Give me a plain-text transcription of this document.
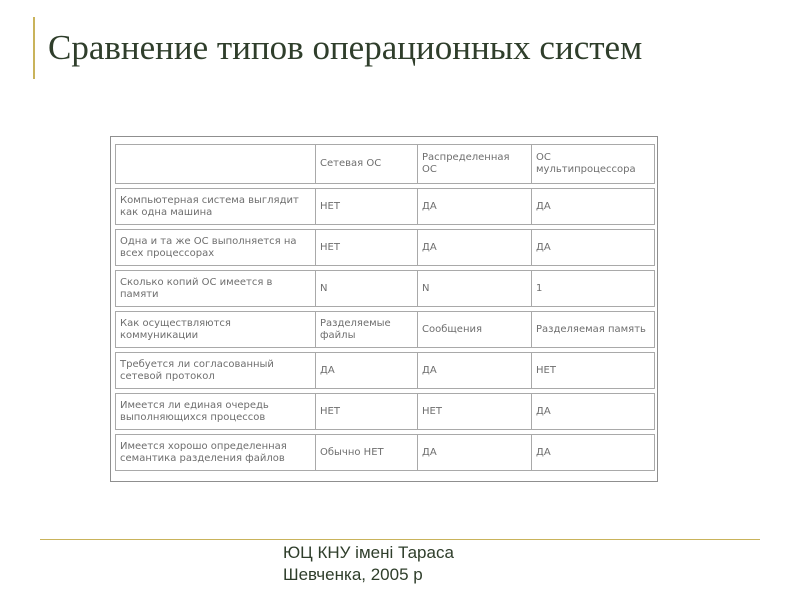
Сравнение типов операционных систем
	Сетевая ОС	Распределенная ОС	ОС мультипроцессора
Компьютерная система выглядит как одна машина	НЕТ	ДА	ДА
Одна и та же ОС выполняется на всех процессорах	НЕТ	ДА	ДА
Сколько копий ОС имеется в памяти	N	N	1
Как осуществляются коммуникации	Разделяемые файлы	Сообщения	Разделяемая память
Требуется ли согласованный сетевой протокол	ДА	ДА	НЕТ
Имеется ли единая очередь выполняющихся процессов	НЕТ	НЕТ	ДА
Имеется хорошо определенная семантика разделения файлов	Обычно НЕТ	ДА	ДА
ЮЦ КНУ імені Тараса
Шевченка, 2005 р
